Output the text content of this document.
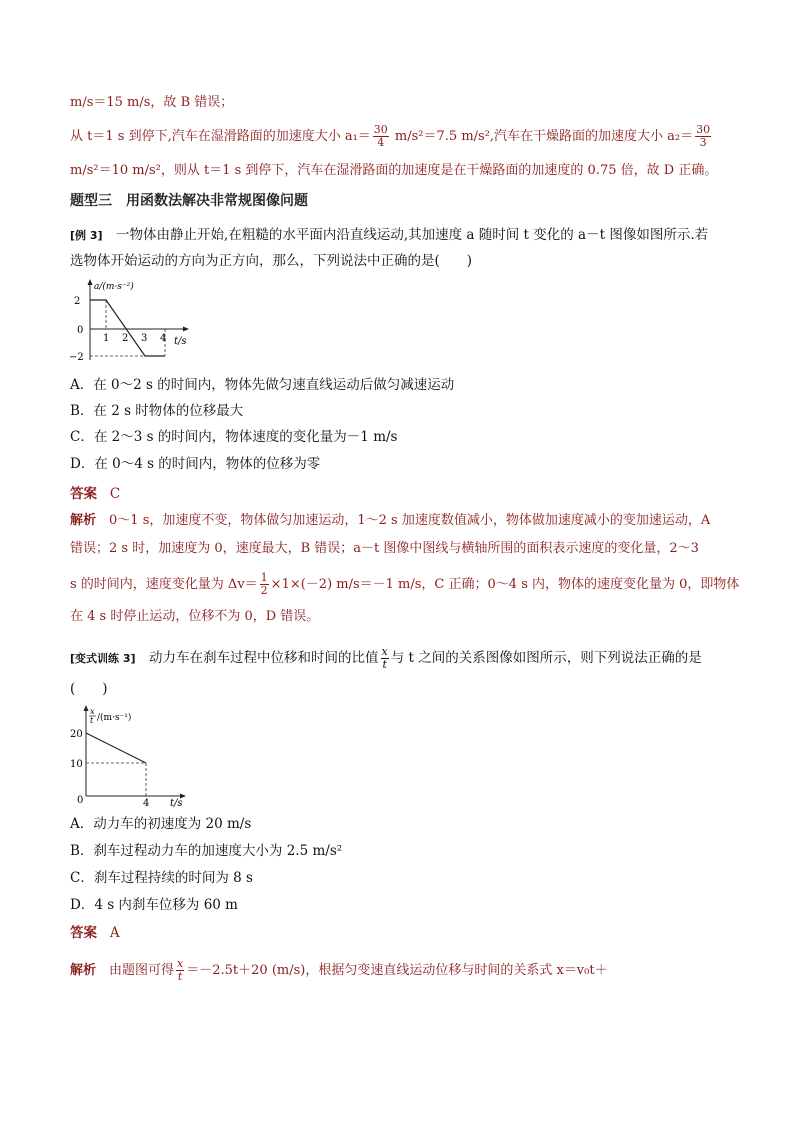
m/s＝15 m/s，故 B 错误；
从 t＝1 s 到停下,汽车在湿滑路面的加速度大小 $a_1= \frac{30}{4} m/s^2=7.5$ m/s²,汽车在干燥路面的加速度大小 $a_2= \frac{30}{3}$
m/s²＝10 m/s²，则从 t＝1 s 到停下，汽车在湿滑路面的加速度是在干燥路面的加速度的 0.75 倍，故 D 正确。
题型三　用函数法解决非常规图像问题
[例 3]　一物体由静止开始,在粗糙的水平面内沿直线运动,其加速度 a 随时间 t 变化的 a－t 图像如图所示.若
选物体开始运动的方向为正方向，那么，下列说法中正确的是(　　)
a/(m·s⁻²)
2
0
−2
1 2 3 4 t/s
A．在 0～2 s 的时间内，物体先做匀速直线运动后做匀减速运动
B．在 2 s 时物体的位移最大
C．在 2～3 s 的时间内，物体速度的变化量为－1 m/s
D．在 0～4 s 的时间内，物体的位移为零
答案 C
解析　0～1 s，加速度不变，物体做匀加速运动，1～2 s 加速度数值减小，物体做加速度减小的变加速运动，A
错误；2 s 时，加速度为 0，速度最大，B 错误；a－t 图像中图线与横轴所围的面积表示速度的变化量，2～3
s 的时间内，速度变化量为 $\Delta v= \frac{1}{2} \times 1\times(-2)$ m/s＝－1 m/s，C 正确；0～4 s 内，物体的速度变化量为 0，即物体
在 4 s 时停止运动，位移不为 0，D 错误。
[变式训练 3]　动力车在刹车过程中位移和时间的比值 $\frac{x}{t}$ 与 t 之间的关系图像如图所示，则下列说法正确的是
(　　)
x
t /(m·s⁻¹)
20
10
0	4 t/s
A．动力车的初速度为 20 m/s
B．刹车过程动力车的加速度大小为 2.5 m/s²
C．刹车过程持续的时间为 8 s
D．4 s 内刹车位移为 60 m
答案 A
解析　由题图可得 $\frac{x}{t} =-2.5t+20$ (m/s)，根据匀变速直线运动位移与时间的关系式 x＝v₀t＋
